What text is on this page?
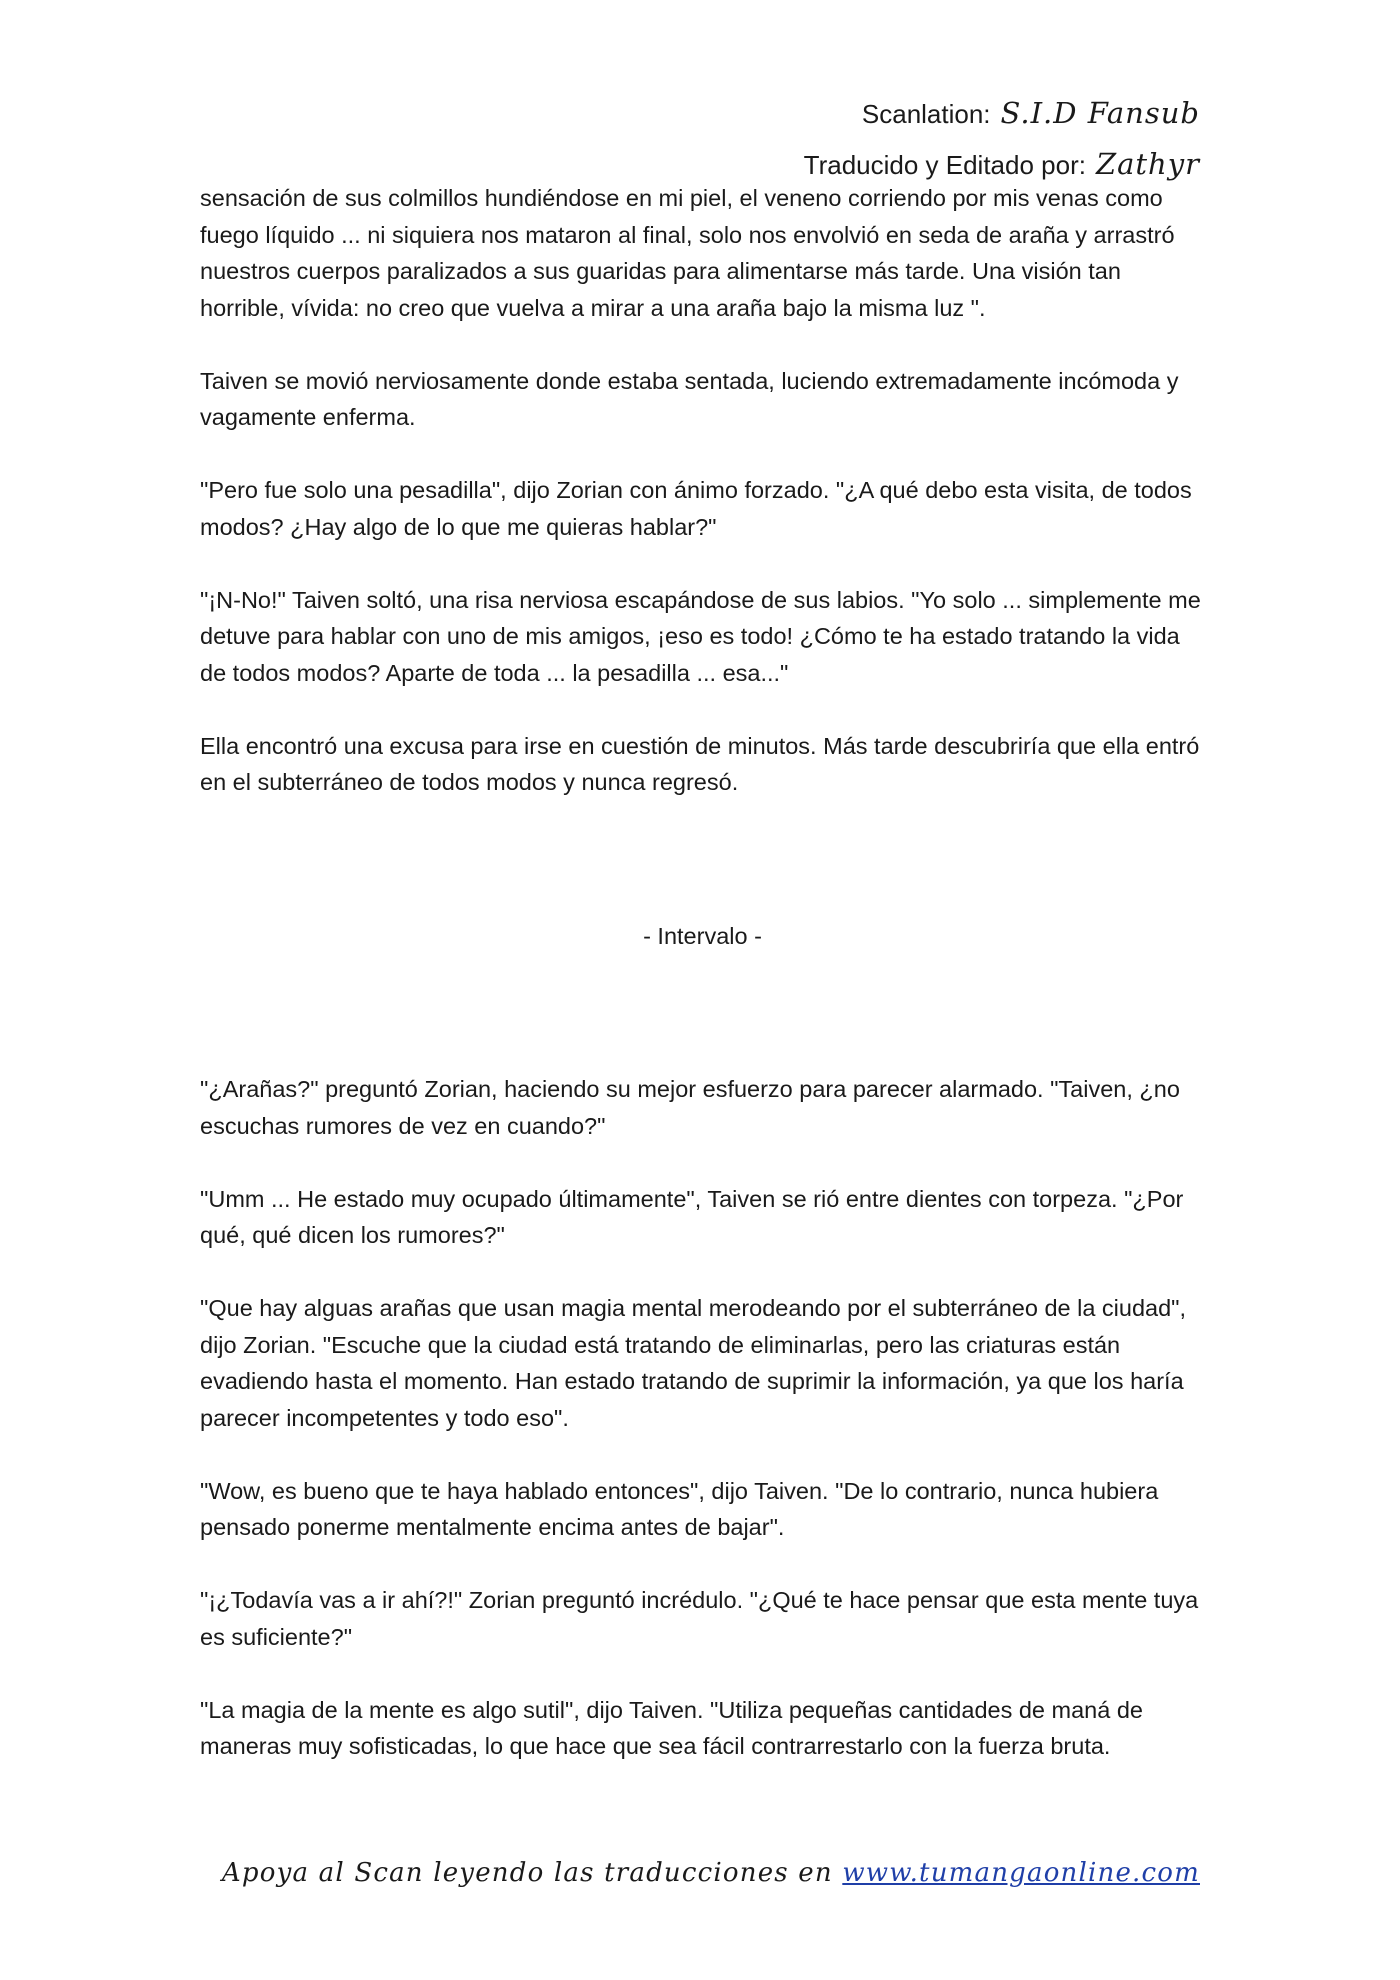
Scanlation: S.I.D Fansub
Traducido y Editado por: Zathyr

sensación de sus colmillos hundiéndose en mi piel, el veneno corriendo por mis venas como fuego líquido ... ni siquiera nos mataron al final, solo nos envolvió en seda de araña y arrastró nuestros cuerpos paralizados a sus guaridas para alimentarse más tarde. Una visión tan horrible, vívida: no creo que vuelva a mirar a una araña bajo la misma luz ".

Taiven se movió nerviosamente donde estaba sentada, luciendo extremadamente incómoda y vagamente enferma.

"Pero fue solo una pesadilla", dijo Zorian con ánimo forzado. "¿A qué debo esta visita, de todos modos? ¿Hay algo de lo que me quieras hablar?"

"¡N-No!" Taiven soltó, una risa nerviosa escapándose de sus labios. "Yo solo ... simplemente me detuve para hablar con uno de mis amigos, ¡eso es todo! ¿Cómo te ha estado tratando la vida de todos modos? Aparte de toda ... la pesadilla ... esa..."

Ella encontró una excusa para irse en cuestión de minutos. Más tarde descubriría que ella entró en el subterráneo de todos modos y nunca regresó.

- Intervalo -

"¿Arañas?" preguntó Zorian, haciendo su mejor esfuerzo para parecer alarmado. "Taiven, ¿no escuchas rumores de vez en cuando?"

"Umm ... He estado muy ocupado últimamente", Taiven se rió entre dientes con torpeza. "¿Por qué, qué dicen los rumores?"

"Que hay alguas arañas que usan magia mental merodeando por el subterráneo de la ciudad", dijo Zorian. "Escuche que la ciudad está tratando de eliminarlas, pero las criaturas están evadiendo hasta el momento. Han estado tratando de suprimir la información, ya que los haría parecer incompetentes y todo eso".

"Wow, es bueno que te haya hablado entonces", dijo Taiven. "De lo contrario, nunca hubiera pensado ponerme mentalmente encima antes de bajar".

"¡¿Todavía vas a ir ahí?!" Zorian preguntó incrédulo. "¿Qué te hace pensar que esta mente tuya es suficiente?"

"La magia de la mente es algo sutil", dijo Taiven. "Utiliza pequeñas cantidades de maná de maneras muy sofisticadas, lo que hace que sea fácil contrarrestarlo con la fuerza bruta.

Apoya al Scan leyendo las traducciones en www.tumangaonline.com
